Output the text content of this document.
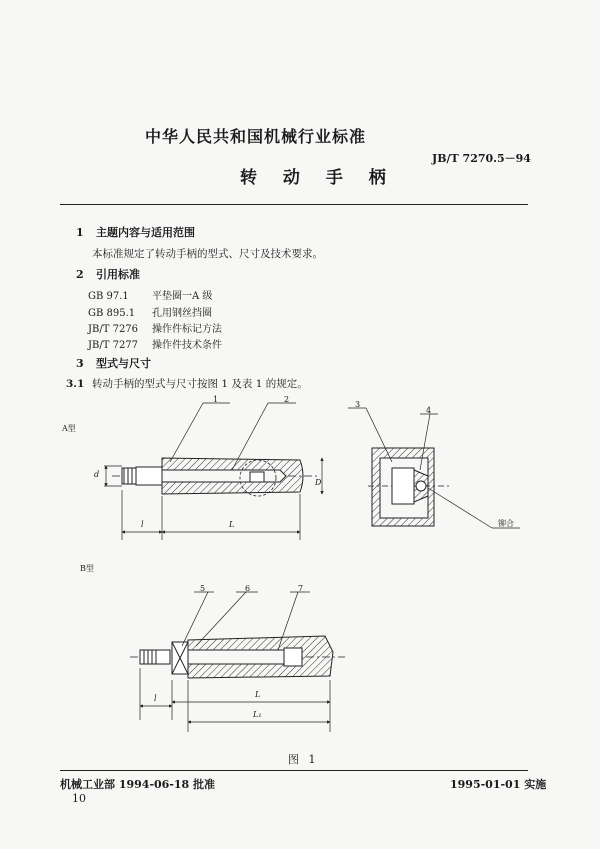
中华人民共和国机械行业标准
JB/T 7270.5－94
转 动 手 柄
1 主题内容与适用范围
本标准规定了转动手柄的型式、尺寸及技术要求。
2 引用标准
GB 97.1 平垫圈一A 级
GB 895.1 孔用钢丝挡圈
JB/T 7276 操作件标记方法
JB/T 7277 操作件技术条件
3 型式与尺寸
3.1 转动手柄的型式与尺寸按图 1 及表 1 的规定。
A型
B型
1	2
3
4
5	6	7
d
D
l	L
l	L
L₁
铆合
图 1
机械工业部 1994-06-18 批准	1995-01-01 实施
10
